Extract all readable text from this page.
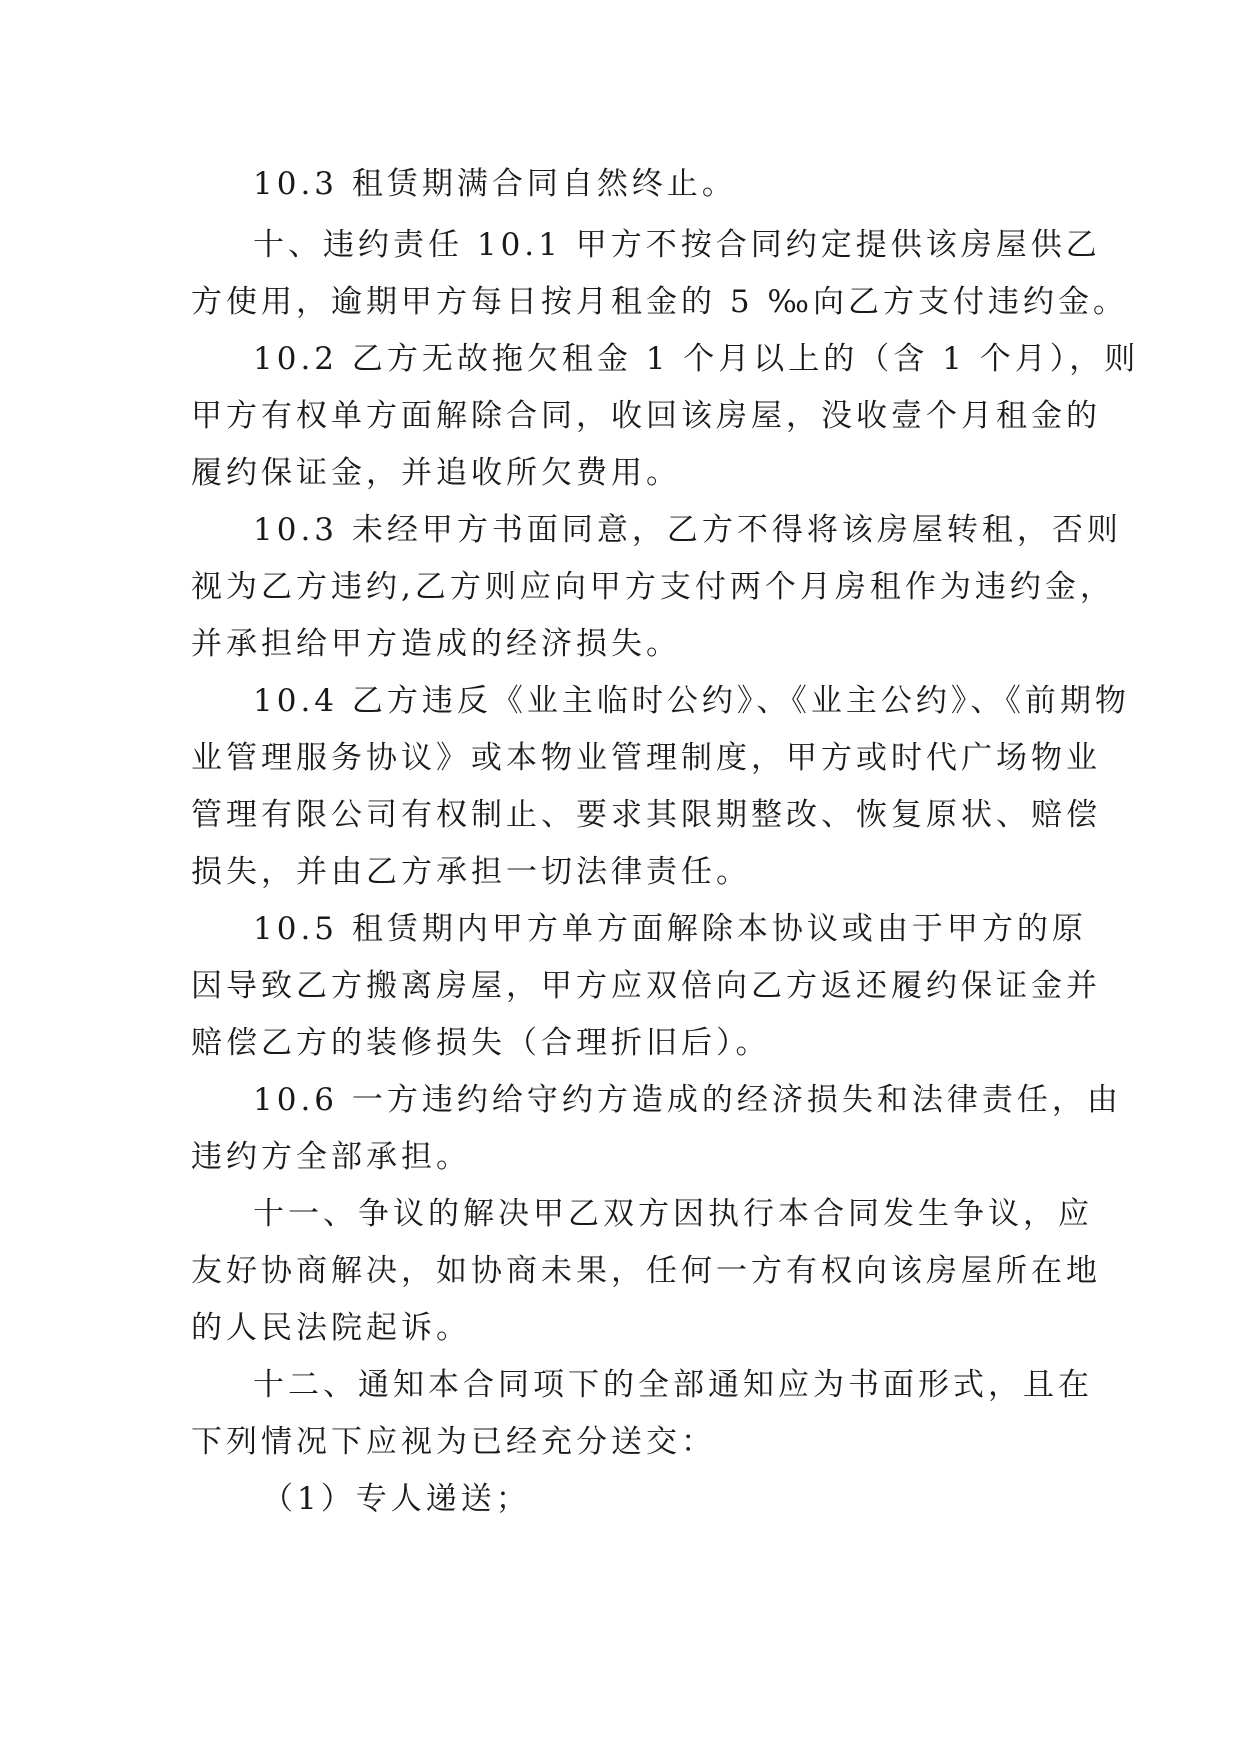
10.3 租赁期满合同自然终止。
十、违约责任 10.1 甲方不按合同约定提供该房屋供乙
方使用，逾期甲方每日按月租金的 5 ‰向乙方支付违约金。
10.2 乙方无故拖欠租金 1 个月以上的（含 1 个月），则
甲方有权单方面解除合同，收回该房屋，没收壹个月租金的
履约保证金，并追收所欠费用。
10.3 未经甲方书面同意，乙方不得将该房屋转租，否则
视为乙方违约,乙方则应向甲方支付两个月房租作为违约金，
并承担给甲方造成的经济损失。
10.4 乙方违反《业主临时公约》、《业主公约》、《前期物
业管理服务协议》或本物业管理制度，甲方或时代广场物业
管理有限公司有权制止、要求其限期整改、恢复原状、赔偿
损失，并由乙方承担一切法律责任。
10.5 租赁期内甲方单方面解除本协议或由于甲方的原
因导致乙方搬离房屋，甲方应双倍向乙方返还履约保证金并
赔偿乙方的装修损失（合理折旧后）。
10.6 一方违约给守约方造成的经济损失和法律责任，由
违约方全部承担。
十一、争议的解决甲乙双方因执行本合同发生争议，应
友好协商解决，如协商未果，任何一方有权向该房屋所在地
的人民法院起诉。
十二、通知本合同项下的全部通知应为书面形式，且在
下列情况下应视为已经充分送交：
（1）专人递送；
